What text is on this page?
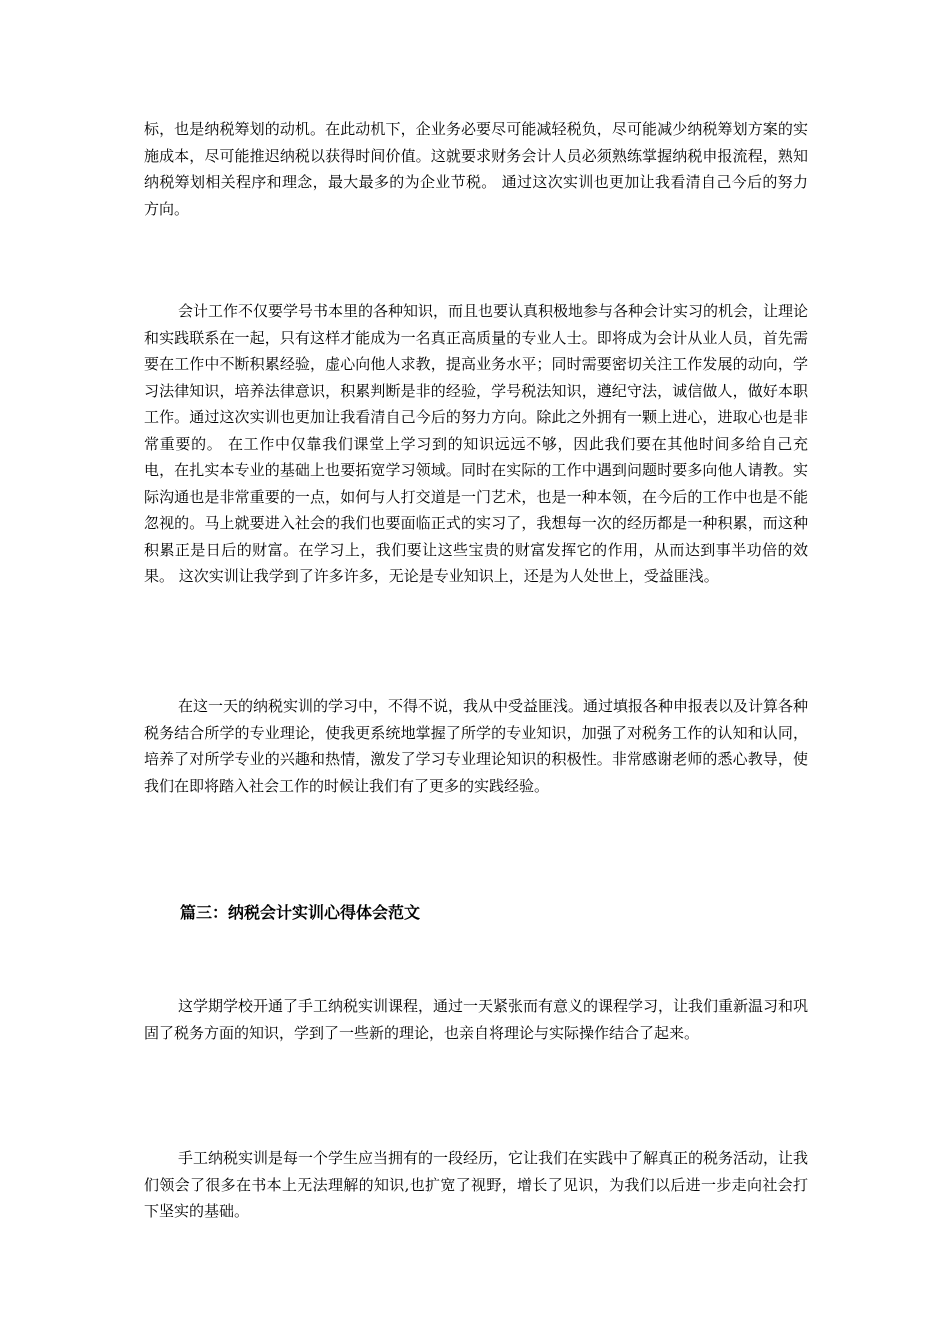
标，也是纳税筹划的动机。在此动机下，企业务必要尽可能减轻税负，尽可能减少纳税筹划方案的实施成本，尽可能推迟纳税以获得时间价值。这就要求财务会计人员必须熟练掌握纳税申报流程，熟知纳税筹划相关程序和理念，最大最多的为企业节税。 通过这次实训也更加让我看清自己今后的努力方向。

会计工作不仅要学号书本里的各种知识，而且也要认真积极地参与各种会计实习的机会，让理论和实践联系在一起，只有这样才能成为一名真正高质量的专业人士。即将成为会计从业人员，首先需要在工作中不断积累经验，虚心向他人求教，提高业务水平；同时需要密切关注工作发展的动向，学习法律知识，培养法律意识，积累判断是非的经验，学号税法知识，遵纪守法，诚信做人，做好本职工作。通过这次实训也更加让我看清自己今后的努力方向。除此之外拥有一颗上进心，进取心也是非常重要的。 在工作中仅靠我们课堂上学习到的知识远远不够，因此我们要在其他时间多给自己充电，在扎实本专业的基础上也要拓宽学习领域。同时在实际的工作中遇到问题时要多向他人请教。实际沟通也是非常重要的一点，如何与人打交道是一门艺术，也是一种本领，在今后的工作中也是不能忽视的。马上就要进入社会的我们也要面临正式的实习了，我想每一次的经历都是一种积累，而这种积累正是日后的财富。在学习上，我们要让这些宝贵的财富发挥它的作用，从而达到事半功倍的效果。 这次实训让我学到了许多许多，无论是专业知识上，还是为人处世上，受益匪浅。

在这一天的纳税实训的学习中，不得不说，我从中受益匪浅。通过填报各种申报表以及计算各种税务结合所学的专业理论，使我更系统地掌握了所学的专业知识，加强了对税务工作的认知和认同，培养了对所学专业的兴趣和热情，激发了学习专业理论知识的积极性。非常感谢老师的悉心教导，使我们在即将踏入社会工作的时候让我们有了更多的实践经验。

篇三：纳税会计实训心得体会范文

这学期学校开通了手工纳税实训课程，通过一天紧张而有意义的课程学习，让我们重新温习和巩固了税务方面的知识，学到了一些新的理论，也亲自将理论与实际操作结合了起来。

手工纳税实训是每一个学生应当拥有的一段经历，它让我们在实践中了解真正的税务活动，让我们领会了很多在书本上无法理解的知识,也扩宽了视野，增长了见识，为我们以后进一步走向社会打下坚实的基础。
